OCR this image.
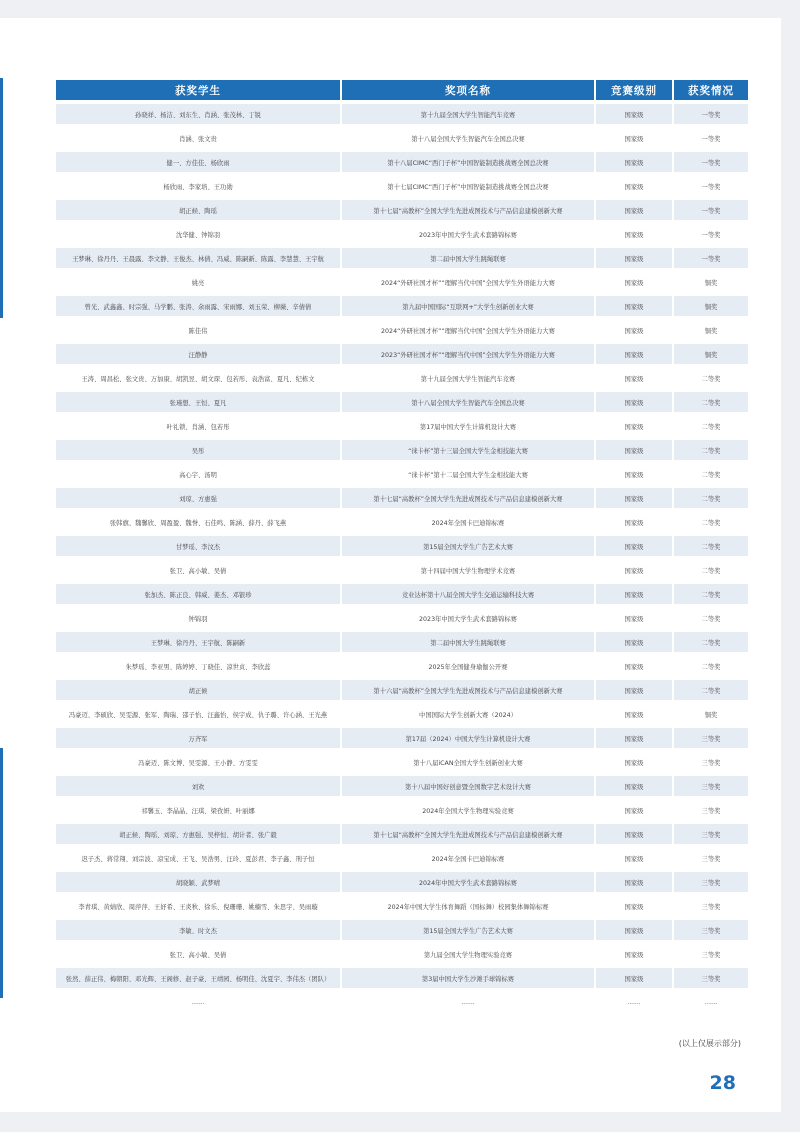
获奖学生	奖项名称	竞赛级别	获奖情况
孙晓祥、杨洁、刘东生、肖涵、张茂林、丁锐	第十九届全国大学生智能汽车竞赛	国家级	一等奖
肖涵、张文贵	第十八届全国大学生智能汽车全国总决赛	国家级	一等奖
健一、方佳佳、杨欣雨	第十八届CIMC“西门子杯”中国智能制造挑战赛全国总决赛	国家级	一等奖
杨欣雨、李家培、王功勋	第十七届CIMC“西门子杯”中国智能制造挑战赛全国总决赛	国家级	一等奖
胡正候、陶瑶	第十七届“高教杯”全国大学生先进成图技术与产品信息建模创新大赛	国家级	一等奖
沈华健、钟锦羽	2023年中国大学生武术套路锦标赛	国家级	一等奖
王梦琳、徐丹丹、王晨露、李文静、王俊杰、林倩、冯威、陈嗣新、陈露、李慧慧、王宇航	第二届中国大学生跳绳联赛	国家级	一等奖
姚亮	2024“外研社国才杯”“理解当代中国”全国大学生外语能力大赛	国家级	铜奖
曾光、武鑫鑫、时宗强、马学鹏、张涛、余雨露、宋雨娜、刘玉荣、柳薇、辛倩倩	第九届中国国际“互联网+”大学生创新创业大赛	国家级	铜奖
陈佳伟	2024“外研社国才杯”“理解当代中国”全国大学生外语能力大赛	国家级	铜奖
汪静静	2023“外研社国才杯”“理解当代中国”全国大学生外语能力大赛	国家级	铜奖
王涛、周昌松、张文贵、万加康、胡凯昱、胡文琛、包若彤、袁浩富、夏凡、纪栋文	第十九届全国大学生智能汽车竞赛	国家级	二等奖
张瑾想、王恒、夏凡	第十八届全国大学生智能汽车全国总决赛	国家级	二等奖
叶礼锁、肖涵、包若彤	第17届中国大学生计算机设计大赛	国家级	二等奖
吴彤	“徕卡杯”第十三届全国大学生金相技能大赛	国家级	二等奖
高心宇、汤明	“徕卡杯”第十二届全国大学生金相技能大赛	国家级	二等奖
刘琼、方惠强	第十七届“高教杯”全国大学生先进成图技术与产品信息建模创新大赛	国家级	二等奖
张韩旗、魏馨欣、周盈盈、魏誉、石佳鸣、陈涵、薛丹、薛飞燕	2024年全国卡巴迪锦标赛	国家级	二等奖
甘梦瑶、李汶杰	第15届全国大学生广告艺术大赛	国家级	二等奖
张卫、高小敏、吴倩	第十四届中国大学生物理学术竞赛	国家级	二等奖
张加杰、陈正良、韩威、姜杰、邓银珍	竞业达杯第十八届全国大学生交通运输科技大赛	国家级	二等奖
钟锦羽	2023年中国大学生武术套路锦标赛	国家级	二等奖
王梦琳、徐丹丹、王宇航、陈嗣新	第二届中国大学生跳绳联赛	国家级	二等奖
朱梦瑶、李亚男、陈婷婷、丁晓佳、凉世贞、李欣蕊	2025年全国健身瑜伽公开赛	国家级	二等奖
胡正候	第十六届“高教杯”全国大学生先进成图技术与产品信息建模创新大赛	国家级	二等奖
冯豪迈、李硕欣、吴雯源、张军、陶瑞、邵子怡、汪鑫怡、侯宇成、仇子璐、许心涵、王光燕	中国国际大学生创新大赛（2024）	国家级	铜奖
万齐军	第17届（2024）中国大学生计算机设计大赛	国家级	三等奖
冯豪迈、陈文博、吴雯源、王小静、方雯雯	第十八届iCAN全国大学生创新创业大赛	国家级	三等奖
刘欢	第十八届中国好创意暨全国数字艺术设计大赛	国家级	三等奖
祁馨玉、李晶晶、汪琪、梁孜妍、叶丽娜	2024年全国大学生物理实验竞赛	国家级	三等奖
胡正候、陶瑶、刘琼、方惠强、吴梓恒、胡计者、张广毅	第十七届“高教杯”全国大学生先进成图技术与产品信息建模创新大赛	国家级	三等奖
迟子杰、蒋常翔、刘宗波、凉宝成、王飞、吴浩男、汪玲、夏彭君、李子鑫、刑子恒	2024年全国卡巴迪锦标赛	国家级	三等奖
胡晓颖、武梦晴	2024年中国大学生武术套路锦标赛	国家级	三等奖
李青琪、黄婧欣、周萍萍、王妤希、王炎秋、徐乐、倪珊珊、姚楠雪、朱思宇、吴雨璇	2024年中国大学生体育舞蹈（国标舞）校园集体舞锦标赛	国家级	三等奖
李敏、时文杰	第15届全国大学生广告艺术大赛	国家级	三等奖
张卫、高小敏、吴倩	第九届全国大学生物理实验竞赛	国家级	三等奖
张然、薛正伟、梅朝阳、邓光辉、王阁修、赵子豪、王靖园、杨明佳、沈夏宇、李伟杰（团队）	第3届中国大学生沙滩手球锦标赛	国家级	三等奖
……	……	……	……
(以上仅展示部分)
28
